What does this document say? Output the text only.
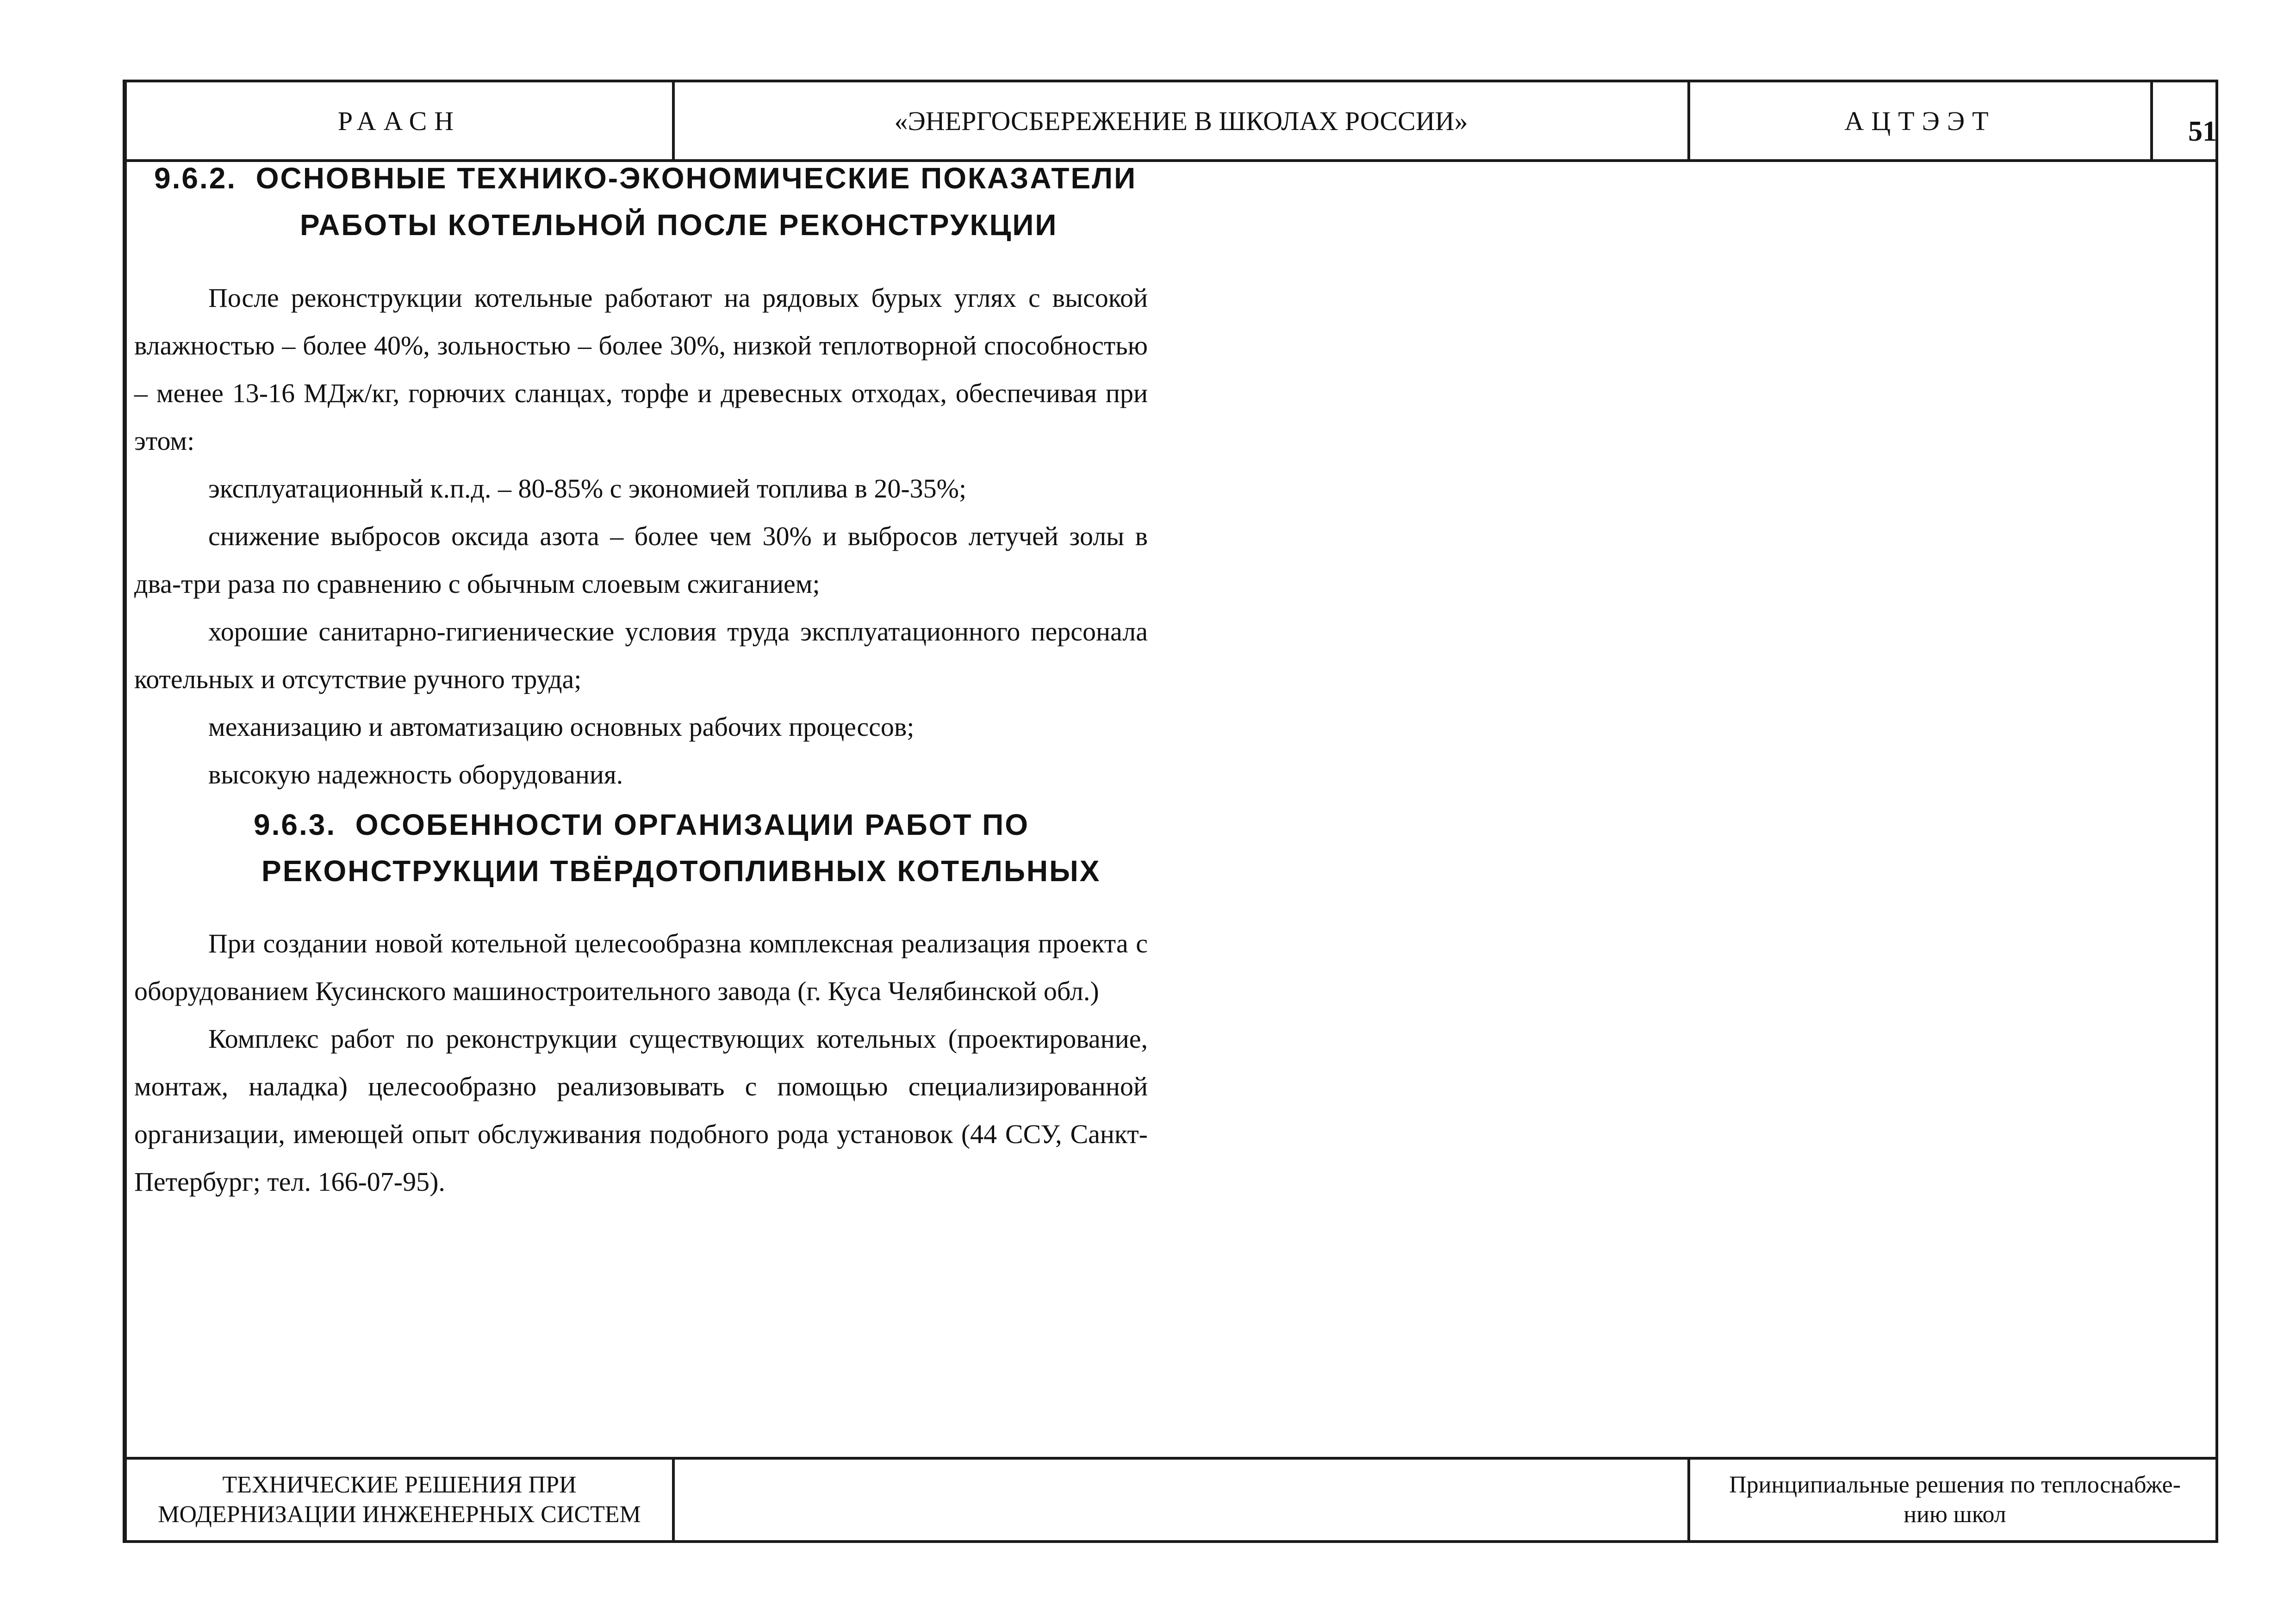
РААСН	«ЭНЕРГОСБЕРЕЖЕНИЕ В ШКОЛАХ РОССИИ»	АЦТЭЭТ	51
ТЕХНИЧЕСКИЕ РЕШЕНИЯ ПРИ
МОДЕРНИЗАЦИИ ИНЖЕНЕРНЫХ СИСТЕМ
Принципиальные решения по теплоснабже-
нию школ
9.6.2. ОСНОВНЫЕ ТЕХНИКО-ЭКОНОМИЧЕСКИЕ ПОКАЗАТЕЛИ
РАБОТЫ КОТЕЛЬНОЙ ПОСЛЕ РЕКОНСТРУКЦИИ

После реконструкции котельные работают на рядовых бурых углях с высокой влажностью – более 40%, зольностью – более 30%, низкой теплотворной способностью – менее 13-16 МДж/кг, горючих сланцах, торфе и древесных отходах, обеспечивая при этом:

эксплуатационный к.п.д. – 80-85% с экономией топлива в 20-35%;

снижение выбросов оксида азота – более чем 30% и выбросов летучей золы в два-три раза по сравнению с обычным слоевым сжиганием;

хорошие санитарно-гигиенические условия труда эксплуатационного персонала котельных и отсутствие ручного труда;

механизацию и автоматизацию основных рабочих процессов;

высокую надежность оборудования.

9.6.3. ОСОБЕННОСТИ ОРГАНИЗАЦИИ РАБОТ ПО
РЕКОНСТРУКЦИИ ТВЁРДОТОПЛИВНЫХ КОТЕЛЬНЫХ

При создании новой котельной целесообразна комплексная реализация проекта с оборудованием Кусинского машиностроительного завода (г. Куса Челябинской обл.)

Комплекс работ по реконструкции существующих котельных (проектирование, монтаж, наладка) целесообразно реализовывать с помощью специализированной организации, имеющей опыт обслуживания подобного рода установок (44 ССУ, Санкт-Петербург; тел. 166-07-95).
